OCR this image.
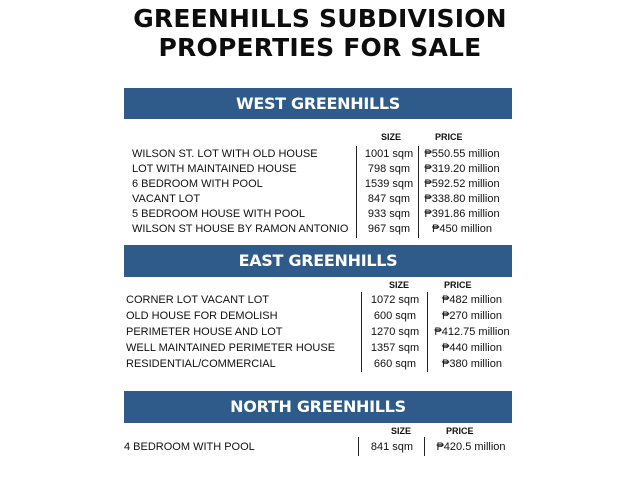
GREENHILLS SUBDIVISION
PROPERTIES FOR SALE
WEST GREENHILLS
SIZE	PRICE
WILSON ST. LOT WITH OLD HOUSE	1001 sqm	₱550.55 million
LOT WITH MAINTAINED HOUSE	798 sqm	₱319.20 million
6 BEDROOM WITH POOL	1539 sqm	₱592.52 million
VACANT LOT	847 sqm	₱338.80 million
5 BEDROOM HOUSE WITH POOL	933 sqm	₱391.86 million
WILSON ST HOUSE BY RAMON ANTONIO	967 sqm	₱450 million
EAST GREENHILLS
SIZE	PRICE
CORNER LOT VACANT LOT	1072 sqm	₱482 million
OLD HOUSE FOR DEMOLISH	600 sqm	₱270 million
PERIMETER HOUSE AND LOT	1270 sqm	₱412.75 million
WELL MAINTAINED PERIMETER HOUSE	1357 sqm	₱440 million
RESIDENTIAL/COMMERCIAL	660 sqm	₱380 million
NORTH GREENHILLS
SIZE	PRICE
4 BEDROOM WITH POOL	841 sqm	₱420.5 million
